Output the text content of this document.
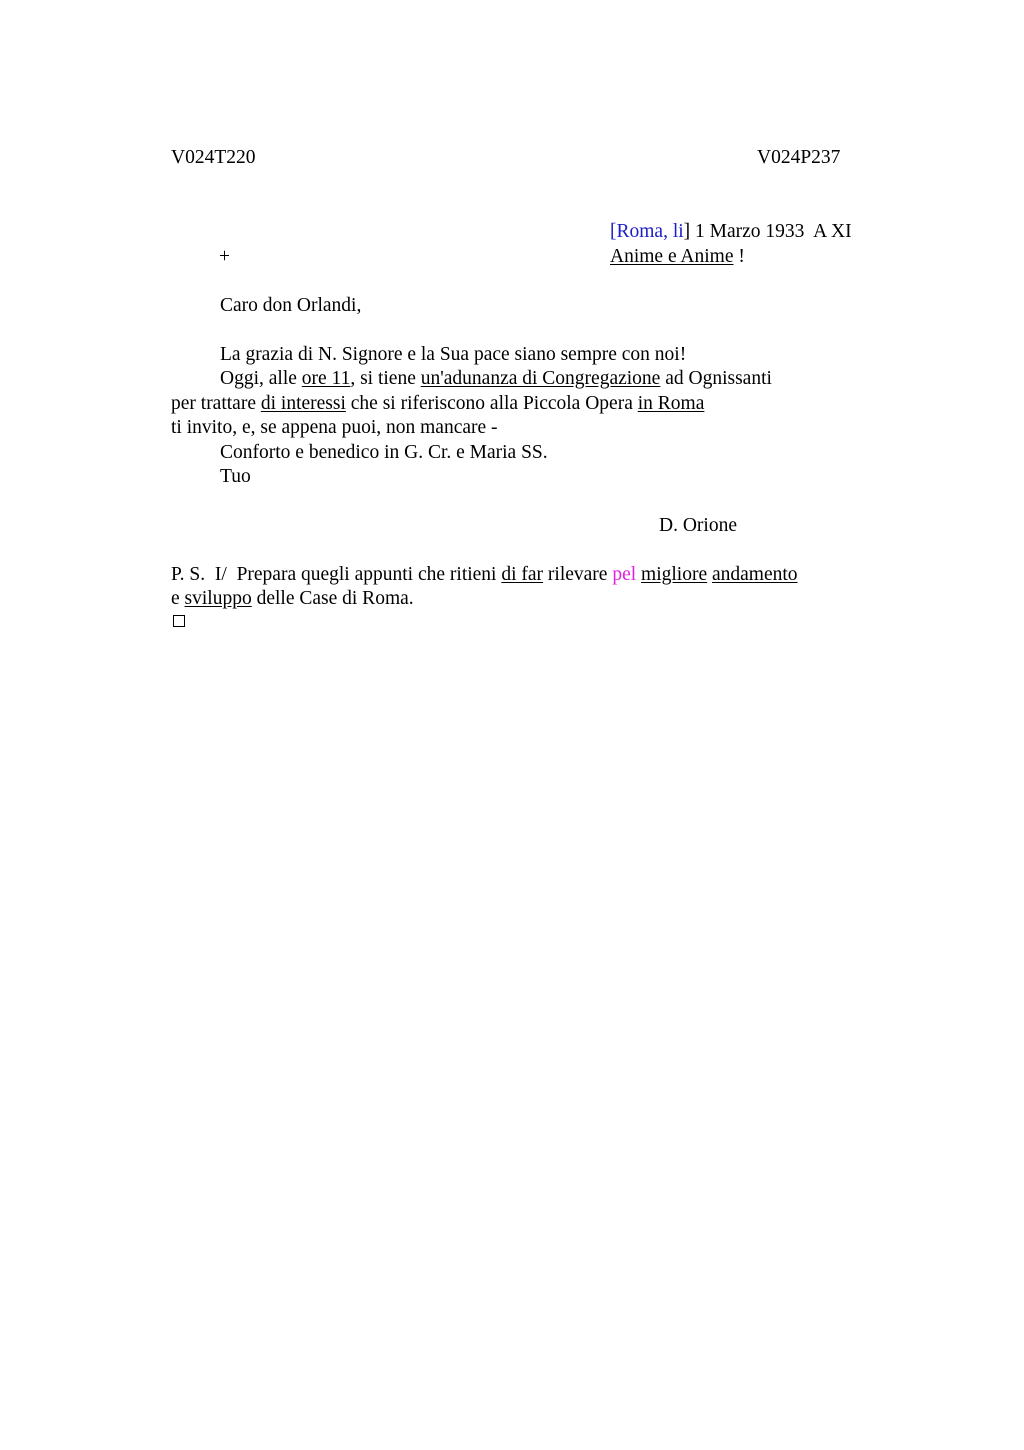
V024T220	V024P237
[Roma, li] 1 Marzo 1933  A XI
+	Anime e Anime !
Caro don Orlandi,
La grazia di N. Signore e la Sua pace siano sempre con noi!
Oggi, alle ore 11, si tiene un'adunanza di Congregazione ad Ognissanti
per trattare di interessi che si riferiscono alla Piccola Opera in Roma
ti invito, e, se appena puoi, non mancare -
Conforto e benedico in G. Cr. e Maria SS.
Tuo
D. Orione
P. S.  I/  Prepara quegli appunti che ritieni di far rilevare pel migliore andamento
e sviluppo delle Case di Roma.
